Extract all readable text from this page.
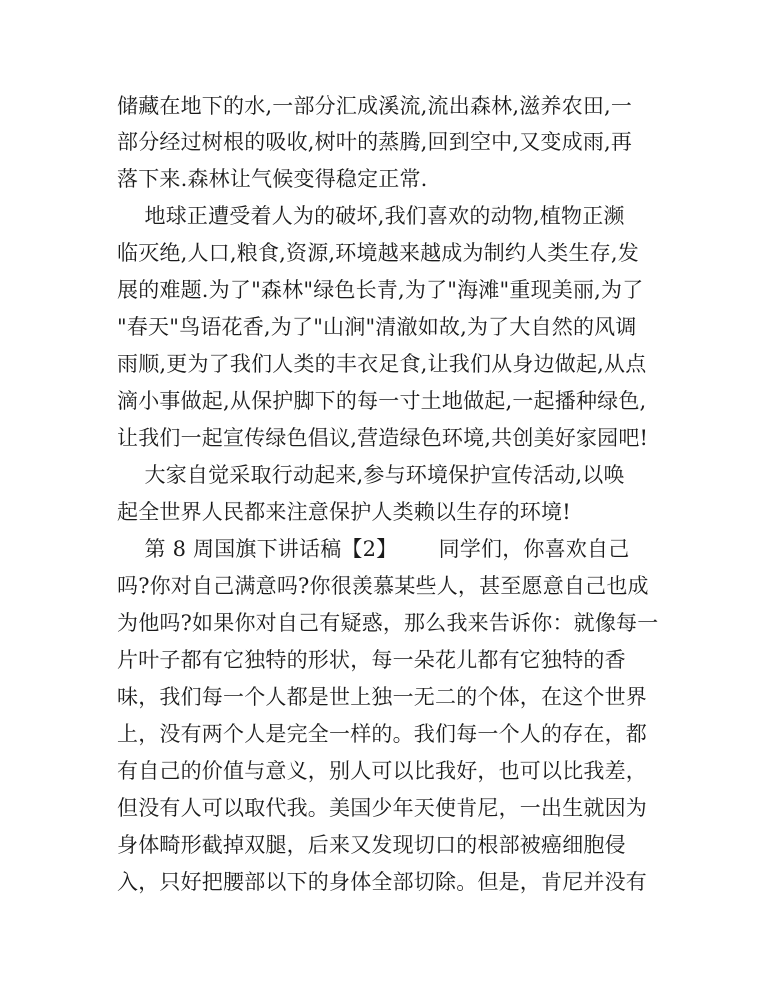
储藏在地下的水,一部分汇成溪流,流出森林,滋养农田,一

部分经过树根的吸收,树叶的蒸腾,回到空中,又变成雨,再

落下来.森林让气候变得稳定正常.

地球正遭受着人为的破坏,我们喜欢的动物,植物正濒

临灭绝,人口,粮食,资源,环境越来越成为制约人类生存,发

展的难题.为了"森林"绿色长青,为了"海滩"重现美丽,为了

"春天"鸟语花香,为了"山涧"清澈如故,为了大自然的风调

雨顺,更为了我们人类的丰衣足食,让我们从身边做起,从点

滴小事做起,从保护脚下的每一寸土地做起,一起播种绿色,

让我们一起宣传绿色倡议,营造绿色环境,共创美好家园吧!

大家自觉采取行动起来,参与环境保护宣传活动,以唤

起全世界人民都来注意保护人类赖以生存的环境!

第 8 周国旗下讲话稿【2】      同学们，你喜欢自己

吗?你对自己满意吗?你很羡慕某些人，甚至愿意自己也成

为他吗?如果你对自己有疑惑，那么我来告诉你：就像每一

片叶子都有它独特的形状，每一朵花儿都有它独特的香

味，我们每一个人都是世上独一无二的个体，在这个世界

上，没有两个人是完全一样的。我们每一个人的存在，都

有自己的价值与意义，别人可以比我好，也可以比我差，

但没有人可以取代我。美国少年天使肯尼，一出生就因为

身体畸形截掉双腿，后来又发现切口的根部被癌细胞侵

入，只好把腰部以下的身体全部切除。但是，肯尼并没有
